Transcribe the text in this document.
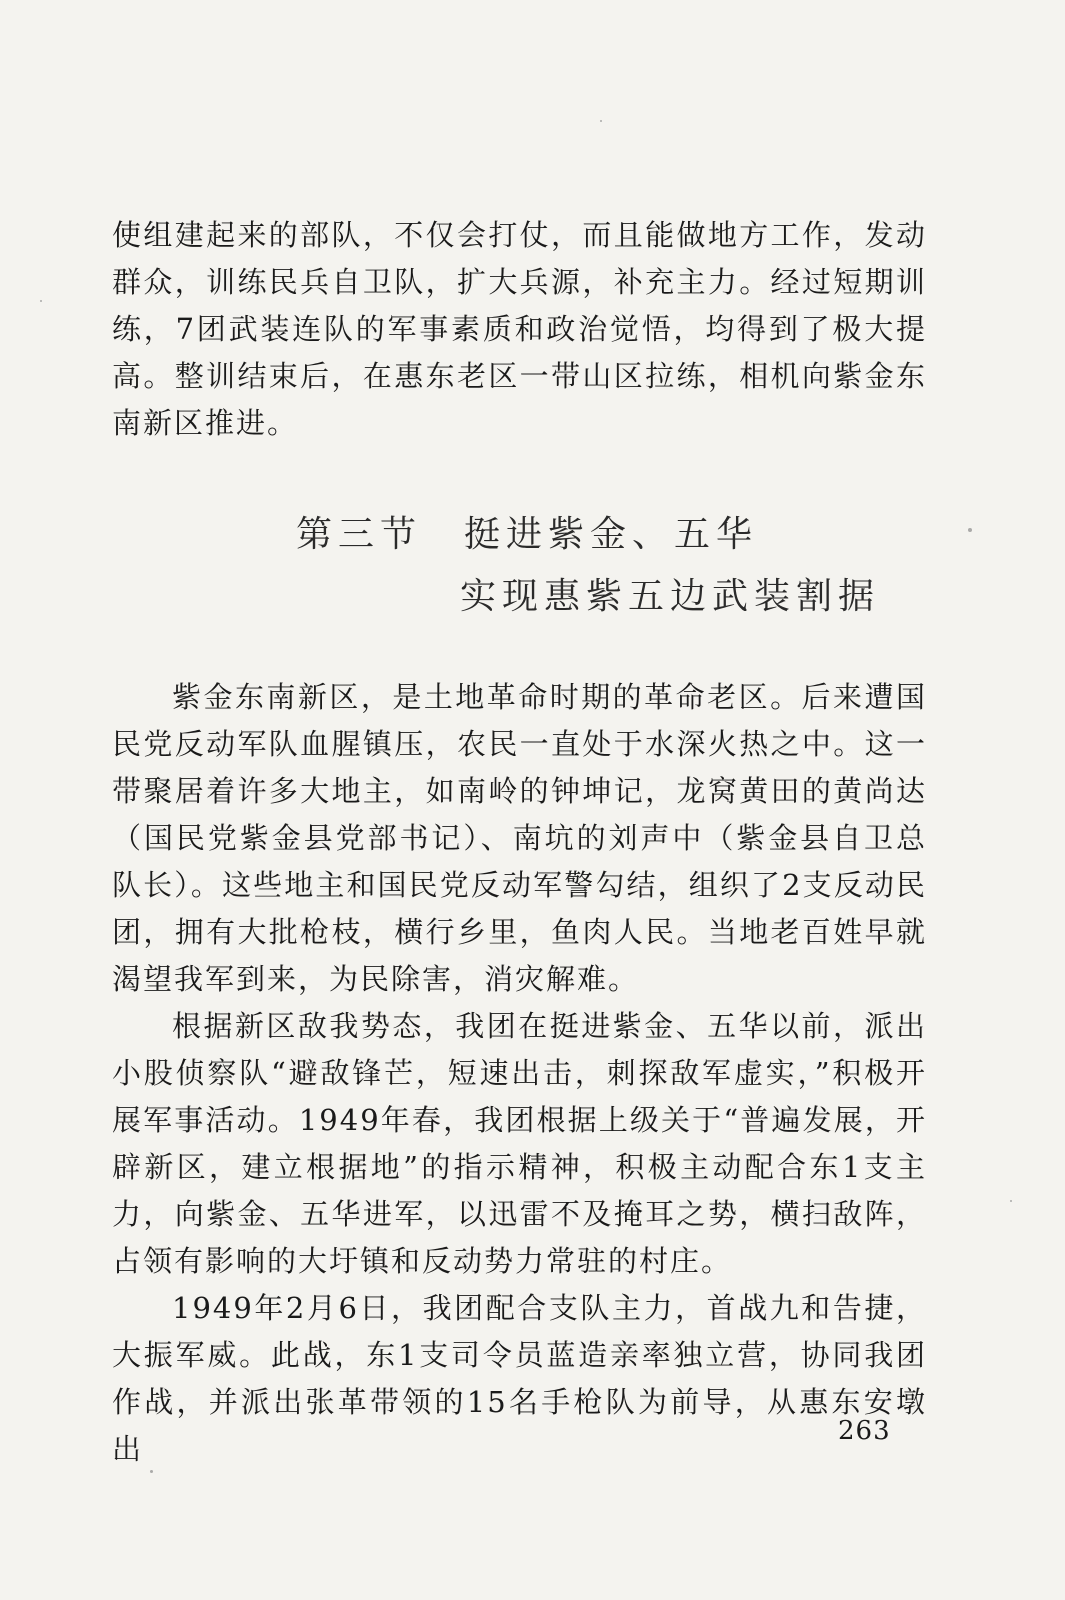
使组建起来的部队，不仅会打仗，而且能做地方工作，发动群众，训练民兵自卫队，扩大兵源，补充主力。经过短期训练，7团武装连队的军事素质和政治觉悟，均得到了极大提高。整训结束后，在惠东老区一带山区拉练，相机向紫金东南新区推进。

第三节　挺进紫金、五华
实现惠紫五边武装割据

紫金东南新区，是土地革命时期的革命老区。后来遭国民党反动军队血腥镇压，农民一直处于水深火热之中。这一带聚居着许多大地主，如南岭的钟坤记，龙窝黄田的黄尚达（国民党紫金县党部书记）、南坑的刘声中（紫金县自卫总队长）。这些地主和国民党反动军警勾结，组织了2支反动民团，拥有大批枪枝，横行乡里，鱼肉人民。当地老百姓早就渴望我军到来，为民除害，消灾解难。

根据新区敌我势态，我团在挺进紫金、五华以前，派出小股侦察队“避敌锋芒，短速出击，刺探敌军虚实，”积极开展军事活动。1949年春，我团根据上级关于“普遍发展，开辟新区，建立根据地”的指示精神，积极主动配合东1支主力，向紫金、五华进军，以迅雷不及掩耳之势，横扫敌阵，占领有影响的大圩镇和反动势力常驻的村庄。

1949年2月6日，我团配合支队主力，首战九和告捷，大振军威。此战，东1支司令员蓝造亲率独立营，协同我团作战，并派出张革带领的15名手枪队为前导，从惠东安墩出

263
